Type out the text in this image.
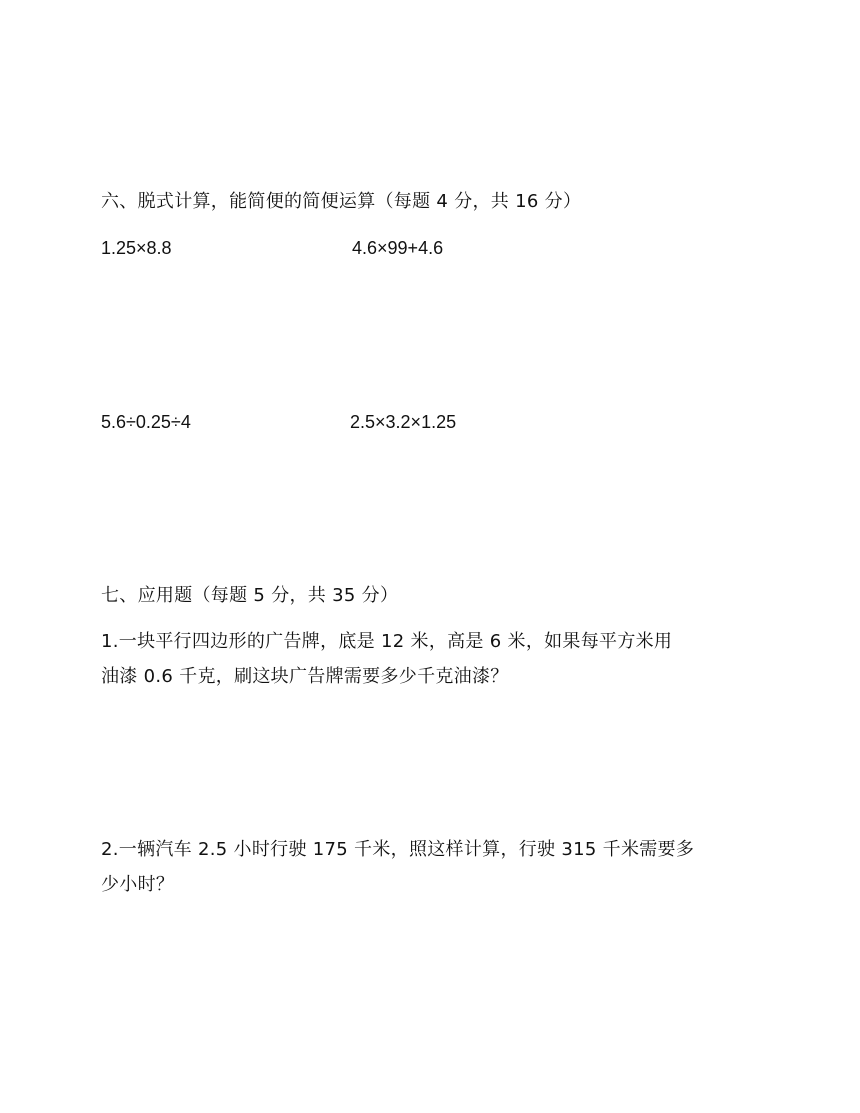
六、脱式计算，能简便的简便运算（每题 4 分，共 16 分）
1.25×8.8	4.6×99+4.6
5.6÷0.25÷4	2.5×3.2×1.25
七、应用题（每题 5 分，共 35 分）
1.一块平行四边形的广告牌，底是 12 米，高是 6 米，如果每平方米用
油漆 0.6 千克，刷这块广告牌需要多少千克油漆？
2.一辆汽车 2.5 小时行驶 175 千米，照这样计算，行驶 315 千米需要多
少小时？
